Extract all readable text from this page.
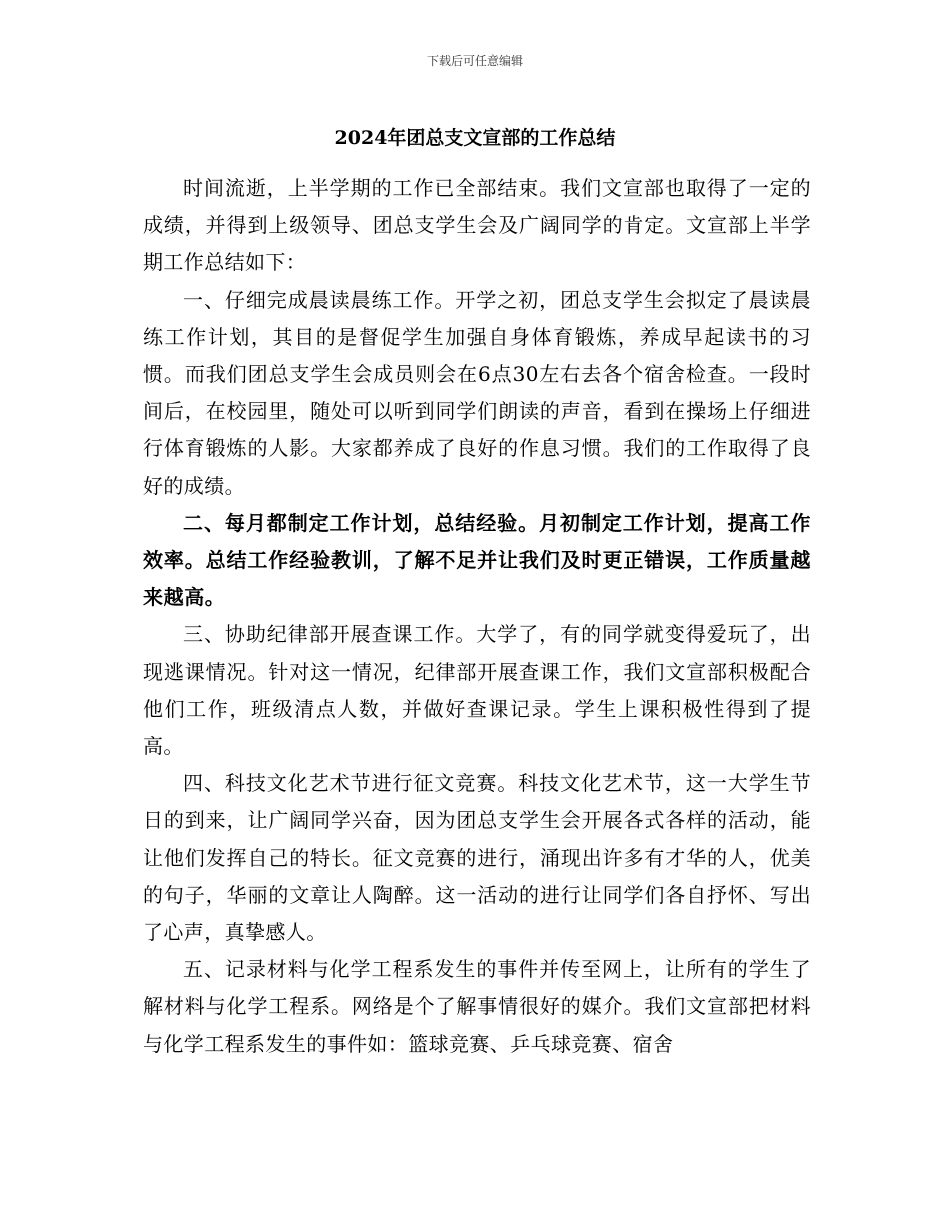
下载后可任意编辑
2024年团总支文宣部的工作总结

时间流逝，上半学期的工作已全部结束。我们文宣部也取得了一定的成绩，并得到上级领导、团总支学生会及广阔同学的肯定。文宣部上半学期工作总结如下：

一、仔细完成晨读晨练工作。开学之初，团总支学生会拟定了晨读晨练工作计划，其目的是督促学生加强自身体育锻炼，养成早起读书的习惯。而我们团总支学生会成员则会在6点30左右去各个宿舍检查。一段时间后，在校园里，随处可以听到同学们朗读的声音，看到在操场上仔细进行体育锻炼的人影。大家都养成了良好的作息习惯。我们的工作取得了良好的成绩。

二、每月都制定工作计划，总结经验。月初制定工作计划，提高工作效率。总结工作经验教训，了解不足并让我们及时更正错误，工作质量越来越高。

三、协助纪律部开展查课工作。大学了，有的同学就变得爱玩了，出现逃课情况。针对这一情况，纪律部开展查课工作，我们文宣部积极配合他们工作，班级清点人数，并做好查课记录。学生上课积极性得到了提高。

四、科技文化艺术节进行征文竞赛。科技文化艺术节，这一大学生节日的到来，让广阔同学兴奋，因为团总支学生会开展各式各样的活动，能让他们发挥自己的特长。征文竞赛的进行，涌现出许多有才华的人，优美的句子，华丽的文章让人陶醉。这一活动的进行让同学们各自抒怀、写出了心声，真挚感人。

五、记录材料与化学工程系发生的事件并传至网上，让所有的学生了解材料与化学工程系。网络是个了解事情很好的媒介。我们文宣部把材料与化学工程系发生的事件如：篮球竞赛、乒乓球竞赛、宿舍
